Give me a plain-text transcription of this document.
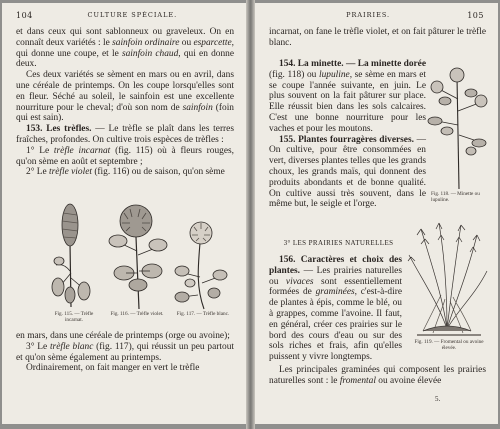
104	CULTURE SPÉCIALE.

et dans ceux qui sont sablonneux ou graveleux. On en connaît deux variétés : le sainfoin ordinaire ou esparcette, qui donne une coupe, et le sainfoin chaud, qui en donne deux.

Ces deux variétés se sèment en mars ou en avril, dans une céréale de printemps. On les coupe lorsqu'elles sont en fleur. Séché au soleil, le sainfoin est une excellente nourriture pour le cheval; d'où son nom de sainfoin (foin qui est sain).

153. Les trèfles. — Le trèfle se plaît dans les terres fraîches, profondes. On cultive trois espèces de trèfles :

1° Le trèfle incarnat (fig. 115) où à fleurs rouges, qu'on sème en août et septembre ;

2° Le trèfle violet (fig. 116) ou de saison, qu'on sème

Fig. 115. — Trèfle incarnat.
Fig. 116. — Trèfle violet.	Fig. 117. — Trèfle blanc.

en mars, dans une céréale de printemps (orge ou avoine);

3° Le trèfle blanc (fig. 117), qui réussit un peu partout et qu'on sème également au printemps.

Ordinairement, on fait manger en vert le trèfle

PRAIRIES.	105

incarnat, on fane le trèfle violet, et on fait pâturer le trèfle blanc.

154. La minette. — La minette dorée (fig. 118) ou lupuline, se sème en mars et se coupe l'année suivante, en juin. Le plus souvent on la fait pâturer sur place. Elle réussit bien dans les sols calcaires. C'est une bonne nourriture pour les vaches et pour les moutons.

155. Plantes fourragères diverses. — On cultive, pour être consommées en vert, diverses plantes telles que les grands choux, les grands maïs, qui donnent des produits abondants et de bonne qualité. On cultive aussi très souvent, dans le même but, le seigle et l'orge.

Fig. 118. — Minette ou lupuline.
3° LES PRAIRIES NATURELLES

156. Caractères et choix des plantes. — Les prairies naturelles ou vivaces sont essentiellement formées de graminées, c'est-à-dire de plantes à épis, comme le blé, ou à grappes, comme l'avoine. Il faut, en général, créer ces prairies sur le bord des cours d'eau ou sur des sols riches et frais, afin qu'elles puissent y vivre longtemps.

Fig. 119. — Fromental ou avoine élevée.

Les principales graminées qui composent les prairies naturelles sont : le fromental ou avoine élevée

5.
